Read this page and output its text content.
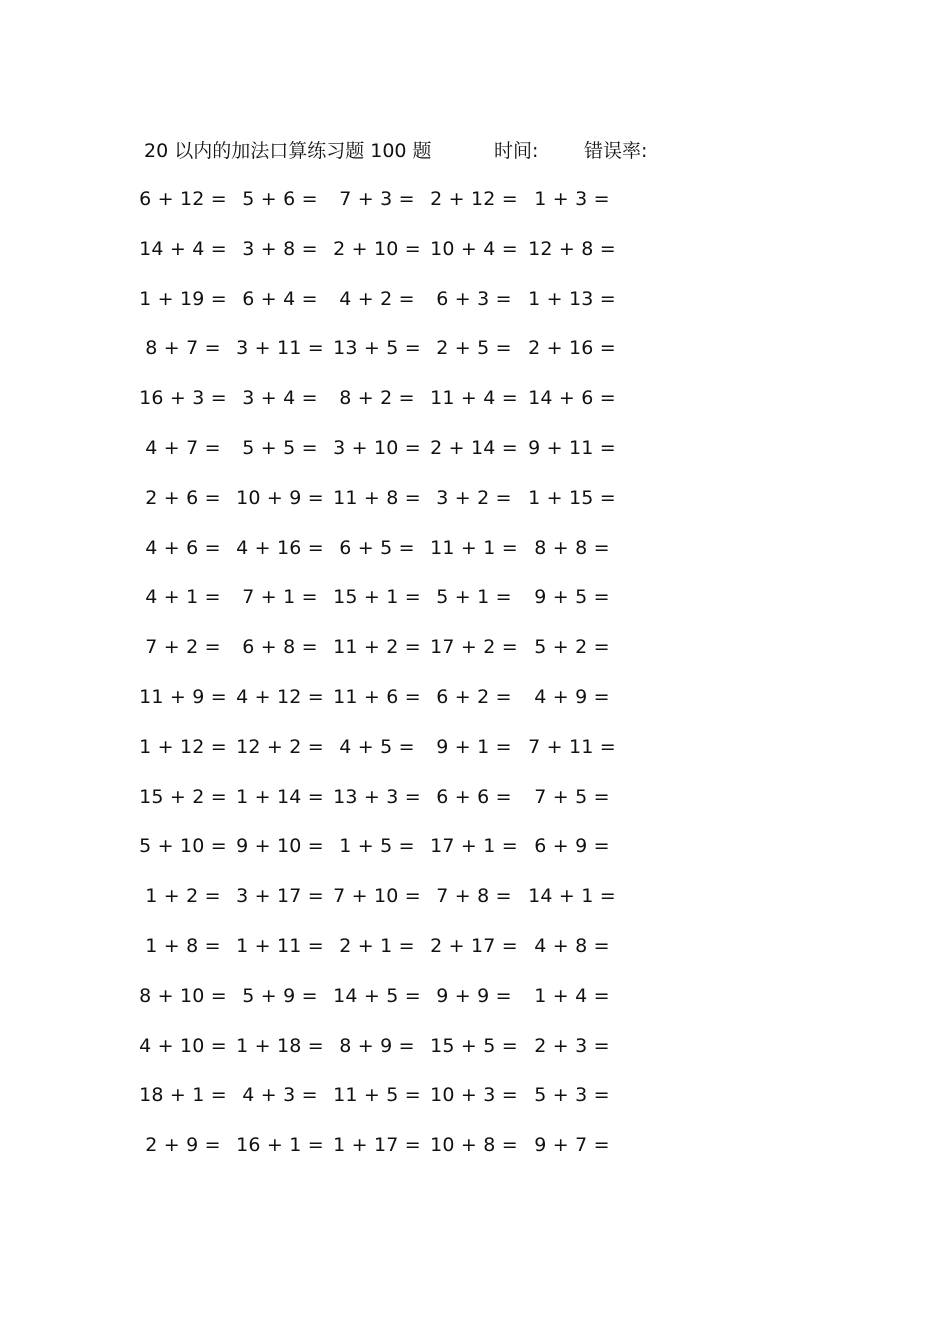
20 以内的加法口算练习题 100 题	时间: 错误率:
6 + 12 = 5 + 6 = 7 + 3 = 2 + 12 = 1 + 3 =
14 + 4 = 3 + 8 = 2 + 10 = 10 + 4 = 12 + 8 =
1 + 19 = 6 + 4 = 4 + 2 = 6 + 3 = 1 + 13 =
8 + 7 = 3 + 11 = 13 + 5 = 2 + 5 = 2 + 16 =
16 + 3 = 3 + 4 = 8 + 2 = 11 + 4 = 14 + 6 =
4 + 7 = 5 + 5 = 3 + 10 = 2 + 14 = 9 + 11 =
2 + 6 = 10 + 9 = 11 + 8 = 3 + 2 = 1 + 15 =
4 + 6 = 4 + 16 = 6 + 5 = 11 + 1 = 8 + 8 =
4 + 1 = 7 + 1 = 15 + 1 = 5 + 1 = 9 + 5 =
7 + 2 = 6 + 8 = 11 + 2 = 17 + 2 = 5 + 2 =
11 + 9 = 4 + 12 = 11 + 6 = 6 + 2 = 4 + 9 =
1 + 12 = 12 + 2 = 4 + 5 = 9 + 1 = 7 + 11 =
15 + 2 = 1 + 14 = 13 + 3 = 6 + 6 = 7 + 5 =
5 + 10 = 9 + 10 = 1 + 5 = 17 + 1 = 6 + 9 =
1 + 2 = 3 + 17 = 7 + 10 = 7 + 8 = 14 + 1 =
1 + 8 = 1 + 11 = 2 + 1 = 2 + 17 = 4 + 8 =
8 + 10 = 5 + 9 = 14 + 5 = 9 + 9 = 1 + 4 =
4 + 10 = 1 + 18 = 8 + 9 = 15 + 5 = 2 + 3 =
18 + 1 = 4 + 3 = 11 + 5 = 10 + 3 = 5 + 3 =
2 + 9 = 16 + 1 = 1 + 17 = 10 + 8 = 9 + 7 =
